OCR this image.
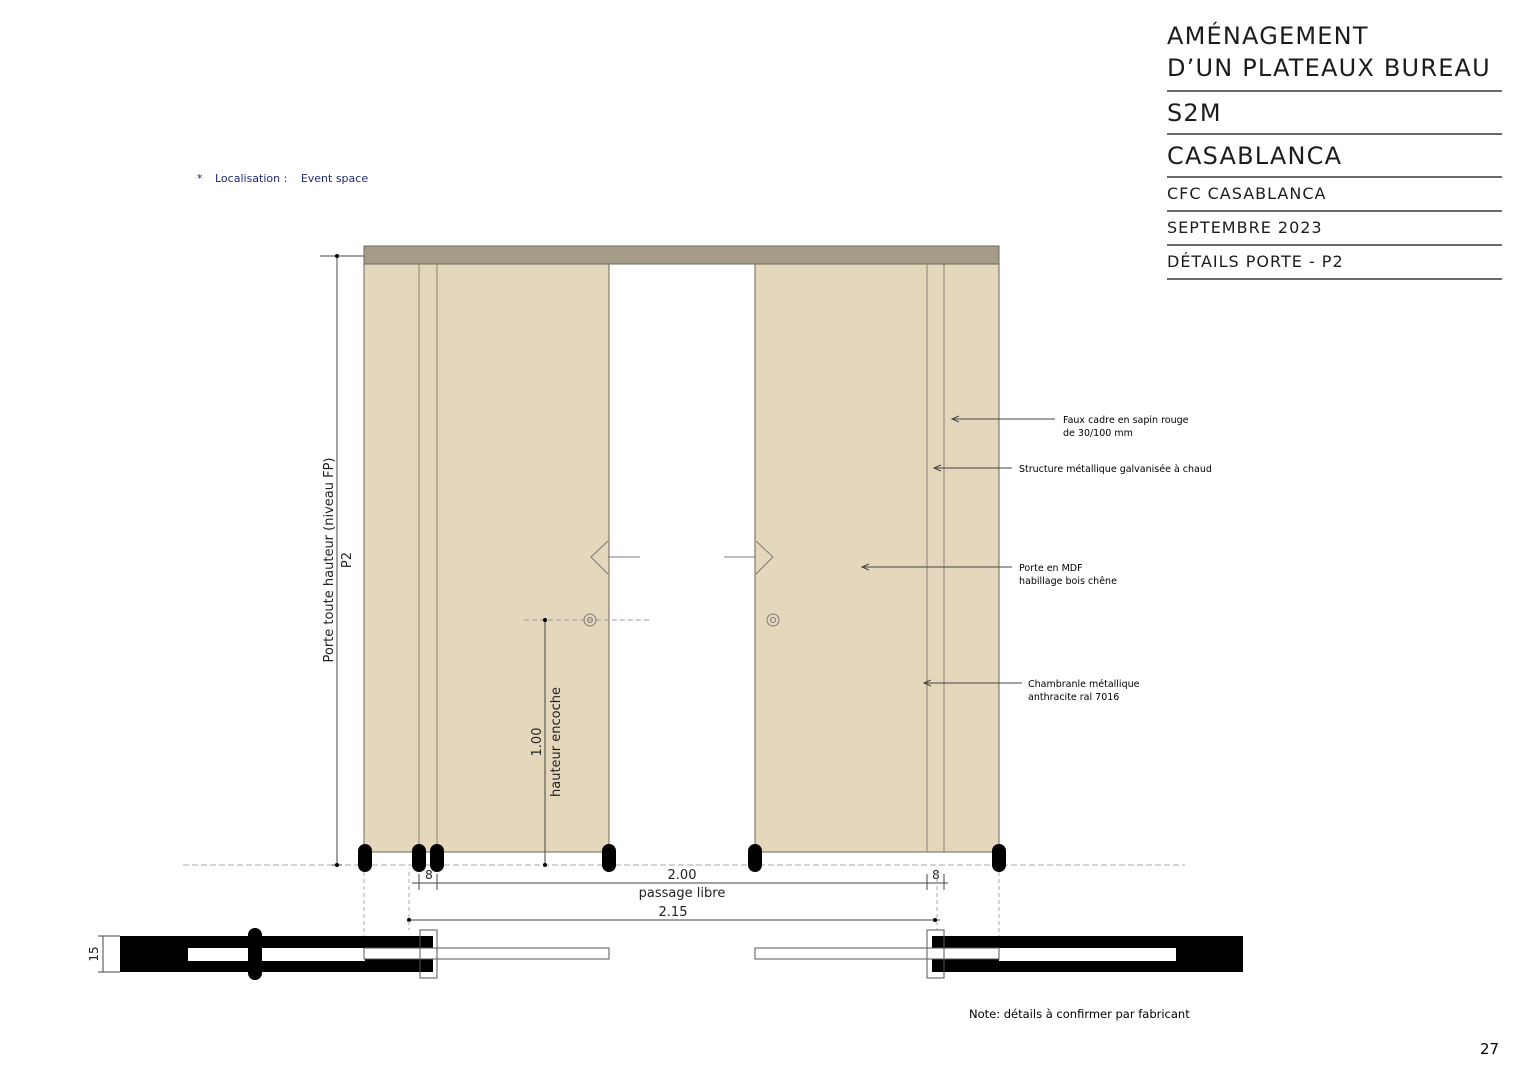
AMÉNAGEMENT
D’UN PLATEAUX BUREAU
S2M
CASABLANCA
CFC CASABLANCA
SEPTEMBRE 2023
DÉTAILS PORTE - P2
* Localisation : Event space
Porte toute hauteur (niveau FP) P2
1.00 hauteur encoche
8	8
2.00
passage libre
2.15
15
Faux cadre en sapin rouge
de 30/100 mm
Structure métallique galvanisée à chaud
Porte en MDF
habillage bois chêne
Chambranle métallique
anthracite ral 7016
Note: détails à confirmer par fabricant
27
